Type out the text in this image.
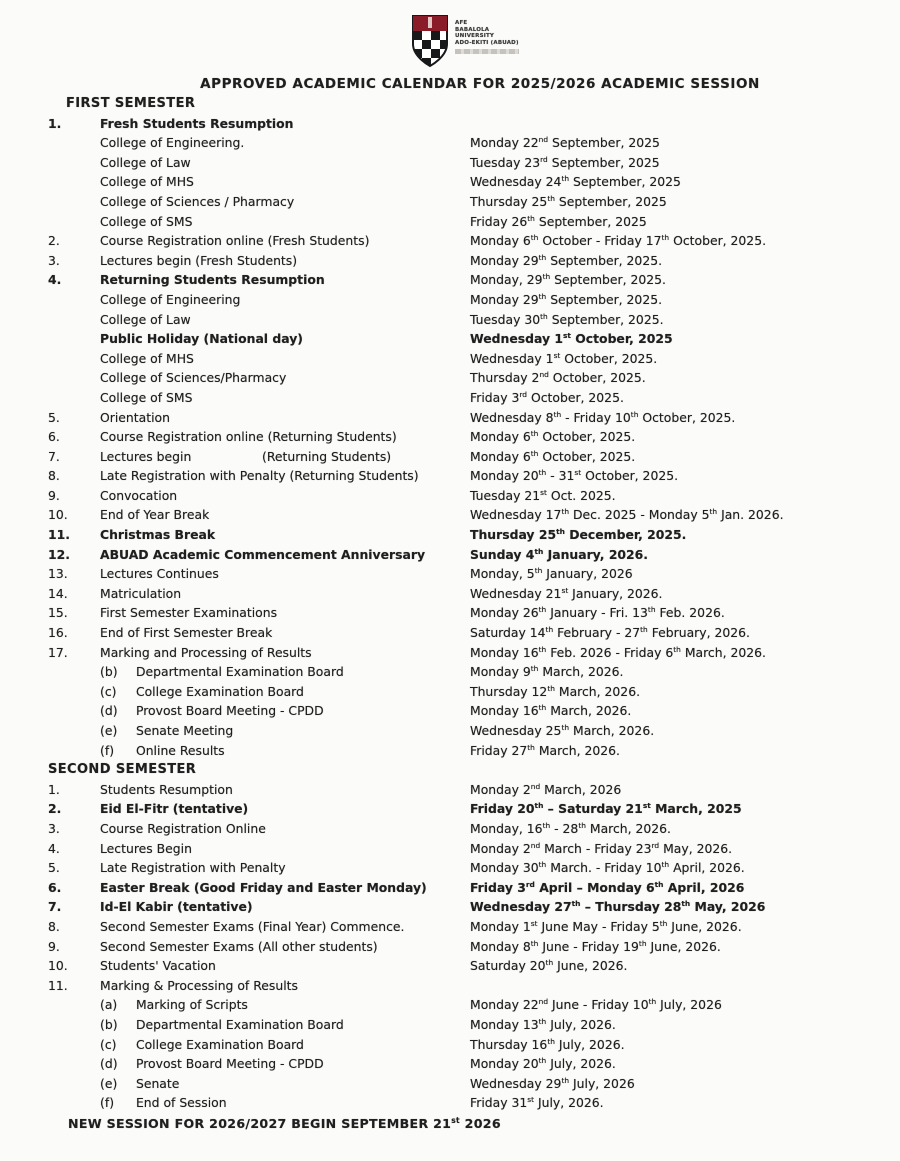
AFE
BABALOLA
UNIVERSITY
ADO-EKITI (ABUAD)
APPROVED ACADEMIC CALENDAR FOR 2025/2026 ACADEMIC SESSION
FIRST SEMESTER
1.	Fresh Students Resumption
College of Engineering.	Monday 22nd September, 2025
College of Law	Tuesday 23rd September, 2025
College of MHS	Wednesday 24th September, 2025
College of Sciences / Pharmacy	Thursday 25th September, 2025
College of SMS	Friday 26th September, 2025
2.	Course Registration online (Fresh Students)	Monday 6th October - Friday 17th October, 2025.
3.	Lectures begin (Fresh Students)	Monday 29th September, 2025.
4.	Returning Students Resumption	Monday, 29th September, 2025.
College of Engineering	Monday 29th September, 2025.
College of Law	Tuesday 30th September, 2025.
Public Holiday (National day)	Wednesday 1st October, 2025
College of MHS	Wednesday 1st October, 2025.
College of Sciences/Pharmacy	Thursday 2nd October, 2025.
College of SMS	Friday 3rd October, 2025.
5.	Orientation	Wednesday 8th - Friday 10th October, 2025.
6.	Course Registration online (Returning Students)	Monday 6th October, 2025.
7.	Lectures begin	(Returning Students)	Monday 6th October, 2025.
8.	Late Registration with Penalty (Returning Students)	Monday 20th - 31st October, 2025.
9.	Convocation	Tuesday 21st Oct. 2025.
10.	End of Year Break	Wednesday 17th Dec. 2025 - Monday 5th Jan. 2026.
11.	Christmas Break	Thursday 25th December, 2025.
12.	ABUAD Academic Commencement Anniversary	Sunday 4th January, 2026.
13.	Lectures Continues	Monday, 5th January, 2026
14.	Matriculation	Wednesday 21st January, 2026.
15.	First Semester Examinations	Monday 26th January - Fri. 13th Feb. 2026.
16.	End of First Semester Break	Saturday 14th February - 27th February, 2026.
17.	Marking and Processing of Results	Monday 16th Feb. 2026 - Friday 6th March, 2026.
(b) Departmental Examination Board	Monday 9th March, 2026.
(c) College Examination Board	Thursday 12th March, 2026.
(d) Provost Board Meeting - CPDD	Monday 16th March, 2026.
(e) Senate Meeting	Wednesday 25th March, 2026.
(f) Online Results	Friday 27th March, 2026.
SECOND SEMESTER
1.	Students Resumption	Monday 2nd March, 2026
2.	Eid El-Fitr (tentative)	Friday 20th – Saturday 21st March, 2025
3.	Course Registration Online	Monday, 16th - 28th March, 2026.
4.	Lectures Begin	Monday 2nd March - Friday 23rd May, 2026.
5.	Late Registration with Penalty	Monday 30th March. - Friday 10th April, 2026.
6.	Easter Break (Good Friday and Easter Monday)	Friday 3rd April – Monday 6th April, 2026
7.	Id-El Kabir (tentative)	Wednesday 27th – Thursday 28th May, 2026
8.	Second Semester Exams (Final Year) Commence.	Monday 1st June May - Friday 5th June, 2026.
9.	Second Semester Exams (All other students)	Monday 8th June - Friday 19th June, 2026.
10.	Students' Vacation	Saturday 20th June, 2026.
11.	Marking & Processing of Results
(a) Marking of Scripts	Monday 22nd June - Friday 10th July, 2026
(b) Departmental Examination Board	Monday 13th July, 2026.
(c) College Examination Board	Thursday 16th July, 2026.
(d) Provost Board Meeting - CPDD	Monday 20th July, 2026.
(e) Senate	Wednesday 29th July, 2026
(f) End of Session	Friday 31st July, 2026.
NEW SESSION FOR 2026/2027 BEGIN SEPTEMBER 21st 2026
